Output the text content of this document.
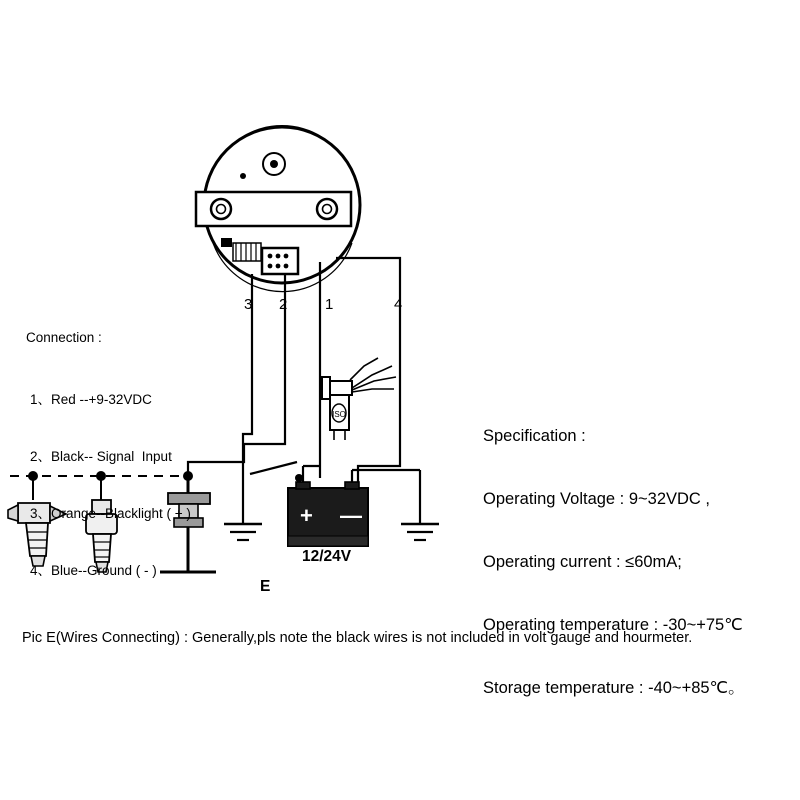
ISO
Connection :

1、Red --+9-32VDC

2、Black-- Signal  Input

3、Orange--Blacklight ( + )

4、Blue--Ground ( - )

Specification :

Operating Voltage : 9~32VDC ,

Operating current : ≤60mA;

Operating temperature : -30~+75℃

Storage temperature : -40~+85℃。

3 2	1	4
+ —
12/24V
E
Pic E(Wires Connecting) : Generally,pls note the black wires is not included in volt gauge and hourmeter.
